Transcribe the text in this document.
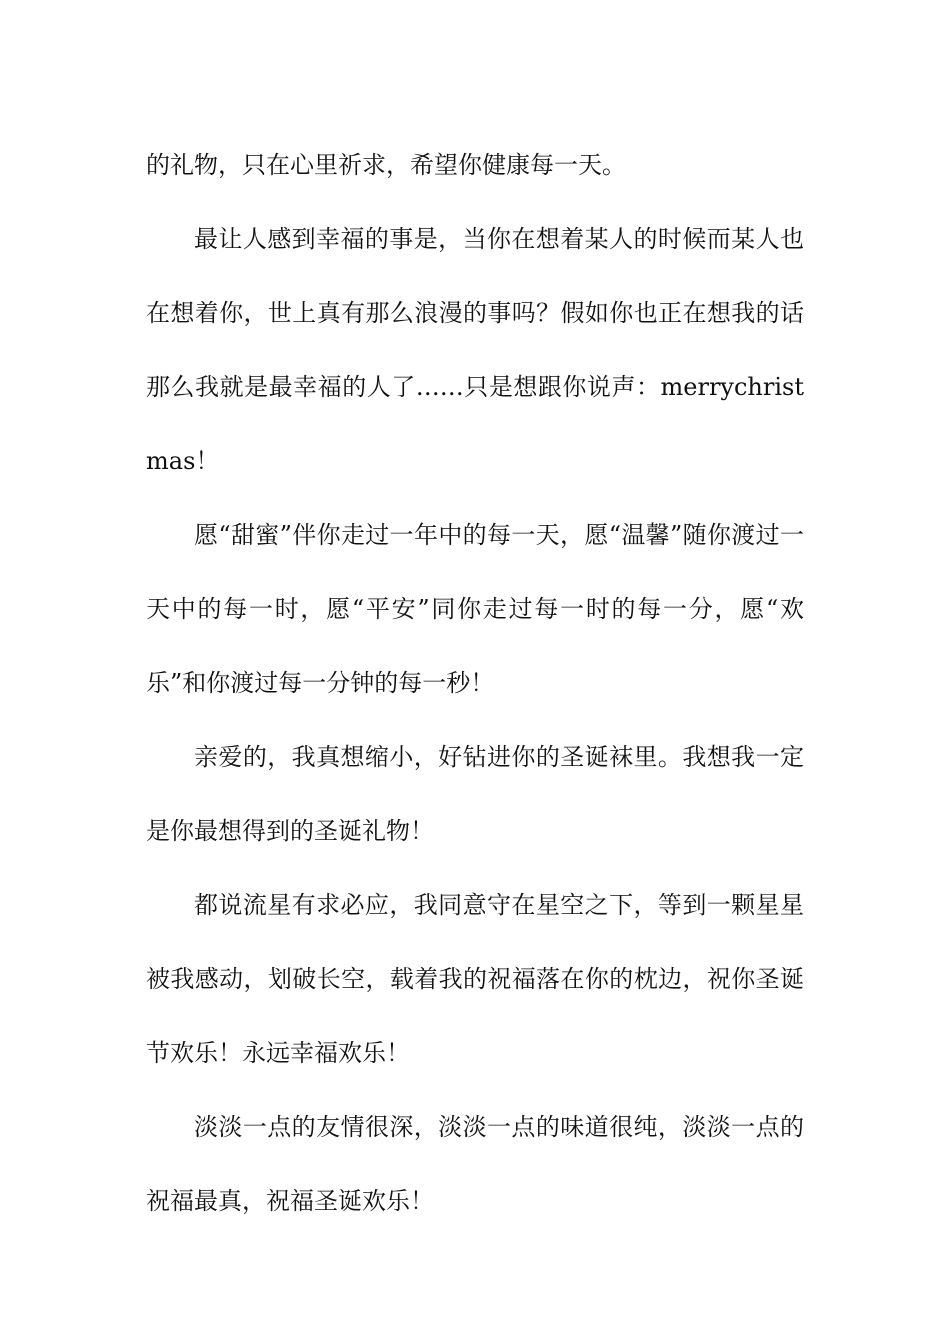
的礼物，只在心里祈求，希望你健康每一天。

最让人感到幸福的事是，当你在想着某人的时候而某人也在想着你，世上真有那么浪漫的事吗？假如你也正在想我的话那么我就是最幸福的人了……只是想跟你说声：merrychristmas！

愿“甜蜜”伴你走过一年中的每一天，愿“温馨”随你渡过一天中的每一时，愿“平安”同你走过每一时的每一分，愿“欢乐”和你渡过每一分钟的每一秒！

亲爱的，我真想缩小，好钻进你的圣诞袜里。我想我一定是你最想得到的圣诞礼物！

都说流星有求必应，我同意守在星空之下，等到一颗星星被我感动，划破长空，载着我的祝福落在你的枕边，祝你圣诞节欢乐！永远幸福欢乐！

淡淡一点的友情很深，淡淡一点的味道很纯，淡淡一点的祝福最真，祝福圣诞欢乐！
